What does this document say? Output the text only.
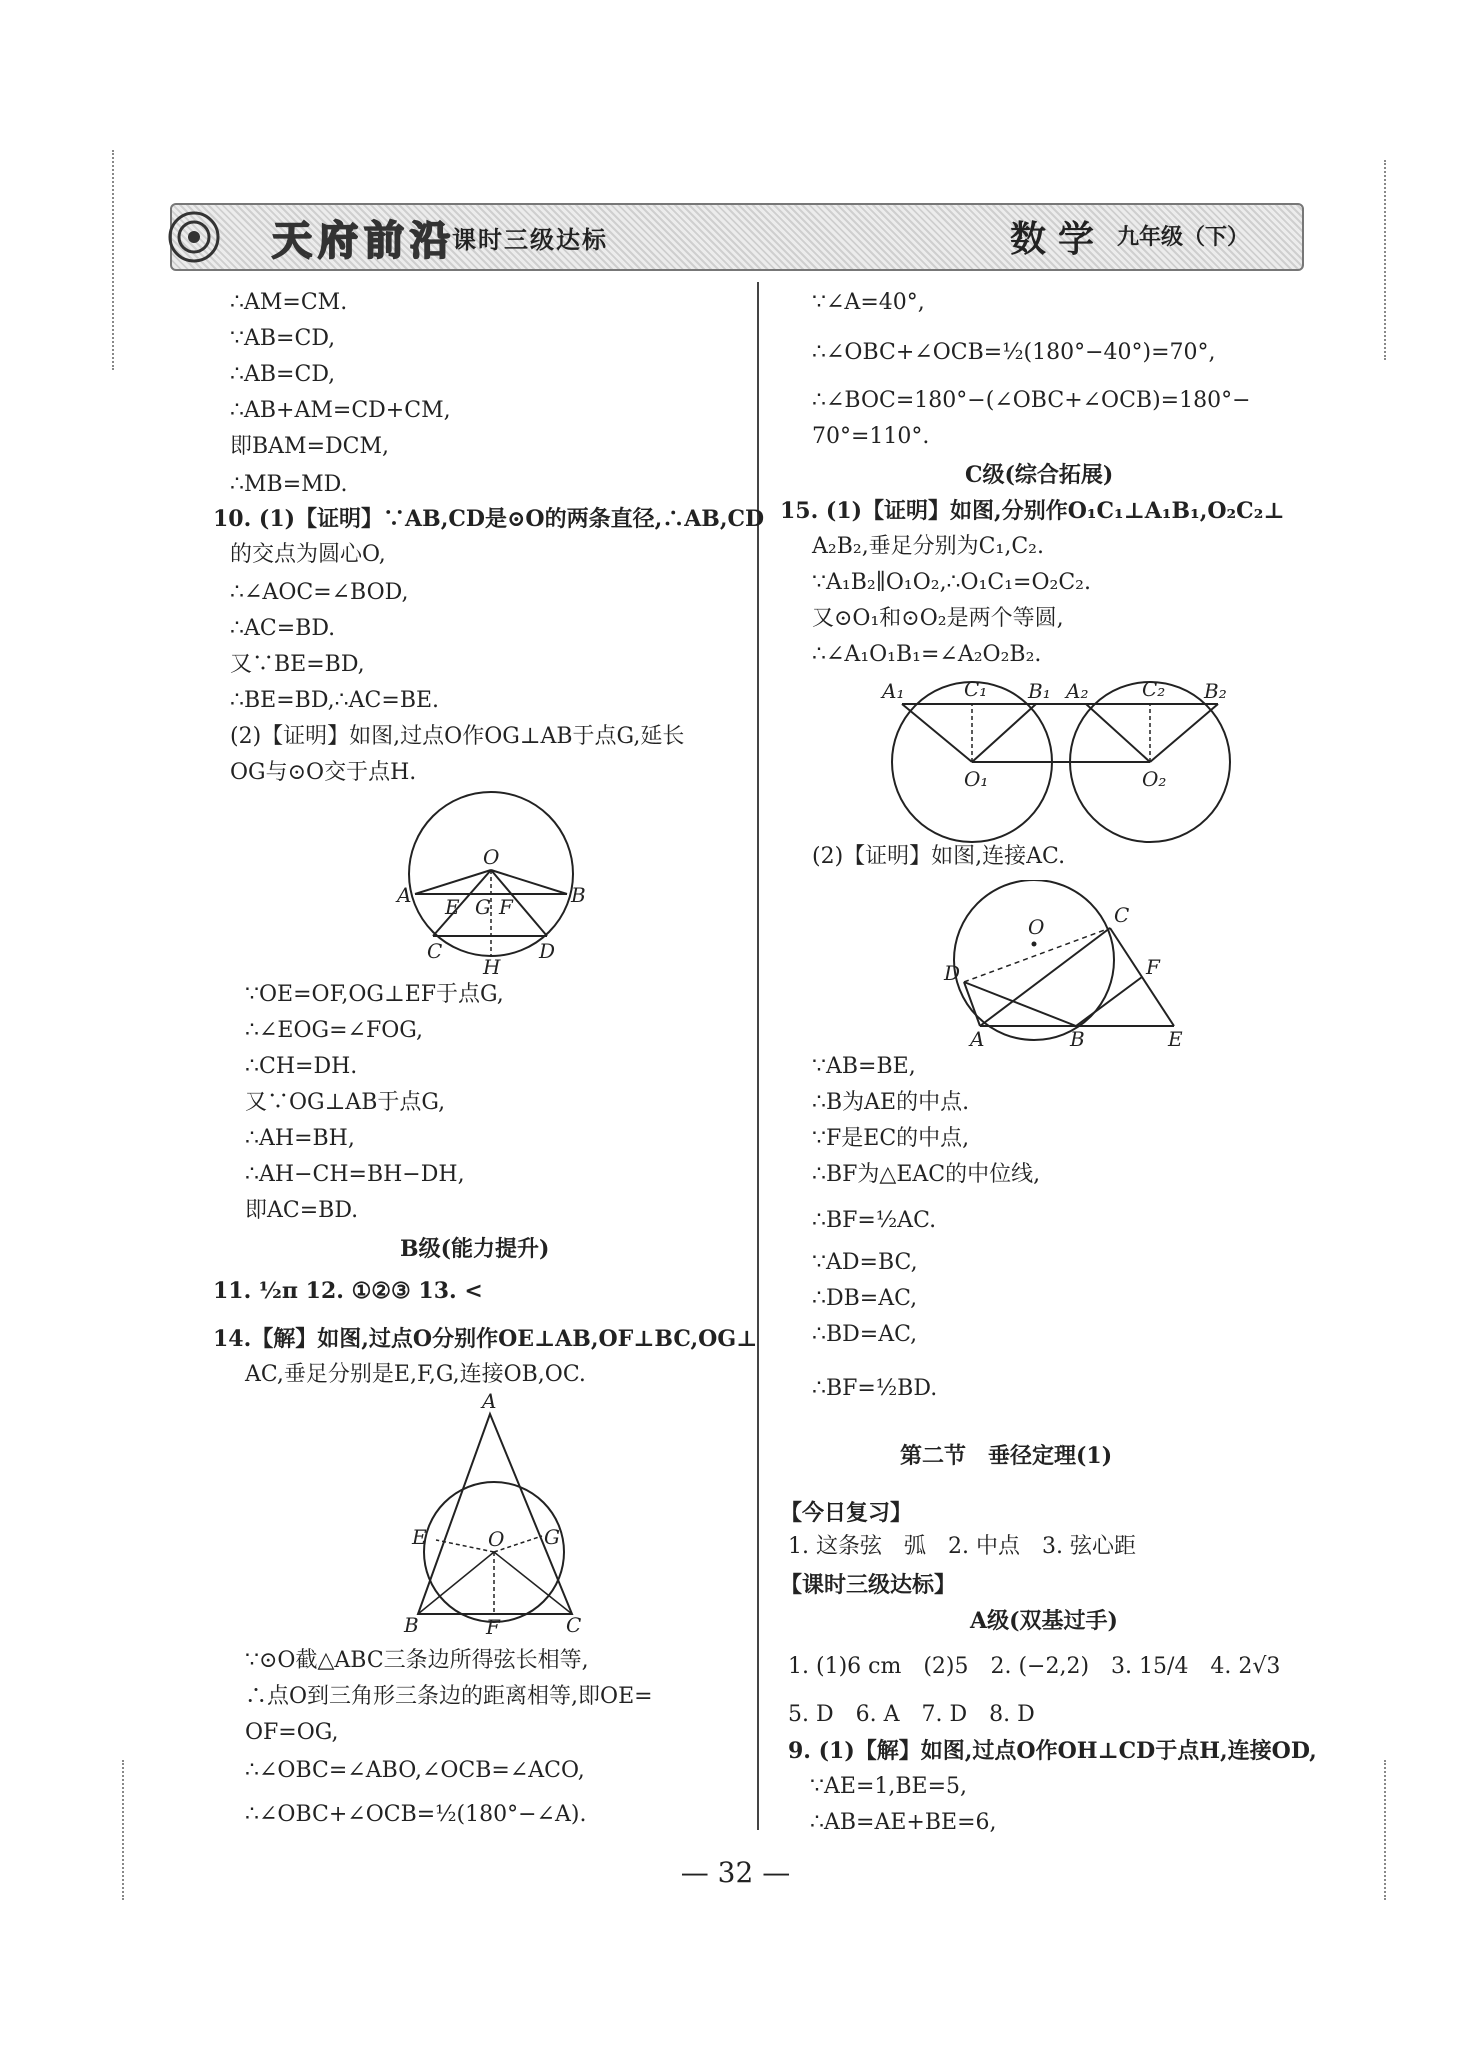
天府前沿
课时三级达标	数学 九年级（下）
∴AM=CM.
∵AB=CD,
∴AB=CD,
∴AB+AM=CD+CM,
即BAM=DCM,
∴MB=MD.
10. (1)【证明】∵AB,CD是⊙O的两条直径,∴AB,CD
的交点为圆心O,
∴∠AOC=∠BOD,
∴AC=BD.
又∵BE=BD,
∴BE=BD,∴AC=BE.
(2)【证明】如图,过点O作OG⊥AB于点G,延长
OG与⊙O交于点H.
∵OE=OF,OG⊥EF于点G,
∴∠EOG=∠FOG,
∴CH=DH.
又∵OG⊥AB于点G,
∴AH=BH,
∴AH−CH=BH−DH,
即AC=BD.
B级(能力提升)
11. ½π 12. ①②③ 13. <
14.【解】如图,过点O分别作OE⊥AB,OF⊥BC,OG⊥
AC,垂足分别是E,F,G,连接OB,OC.
∵⊙O截△ABC三条边所得弦长相等,
∴点O到三角形三条边的距离相等,即OE=
OF=OG,
∴∠OBC=∠ABO,∠OCB=∠ACO,
∴∠OBC+∠OCB=½(180°−∠A).
O
A	B
E G F
C
H
D
A
E	G
O
B	F	C
∵∠A=40°,
∴∠OBC+∠OCB=½(180°−40°)=70°,
∴∠BOC=180°−(∠OBC+∠OCB)=180°−
70°=110°.
C级(综合拓展)
15. (1)【证明】如图,分别作O₁C₁⊥A₁B₁,O₂C₂⊥
A₂B₂,垂足分别为C₁,C₂.
∵A₁B₂∥O₁O₂,∴O₁C₁=O₂C₂.
又⊙O₁和⊙O₂是两个等圆,
∴∠A₁O₁B₁=∠A₂O₂B₂.
(2)【证明】如图,连接AC.
∵AB=BE,
∴B为AE的中点.
∵F是EC的中点,
∴BF为△EAC的中位线,
∴BF=½AC.
∵AD=BC,
∴DB=AC,
∴BD=AC,
∴BF=½BD.
第二节　垂径定理(1)
【今日复习】
1. 这条弦　弧　2. 中点　3. 弦心距
【课时三级达标】
A级(双基过手)
1. (1)6 cm　(2)5　2. (−2,2)　3. 15/4　4. 2√3
5. D　6. A　7. D　8. D
9. (1)【解】如图,过点O作OH⊥CD于点H,连接OD,
∵AE=1,BE=5,
∴AB=AE+BE=6,
A₁	C₁ B₁ A₂	C₂ B₂
O₁	O₂
O	C
D	F
A	B	E
— 32 —
